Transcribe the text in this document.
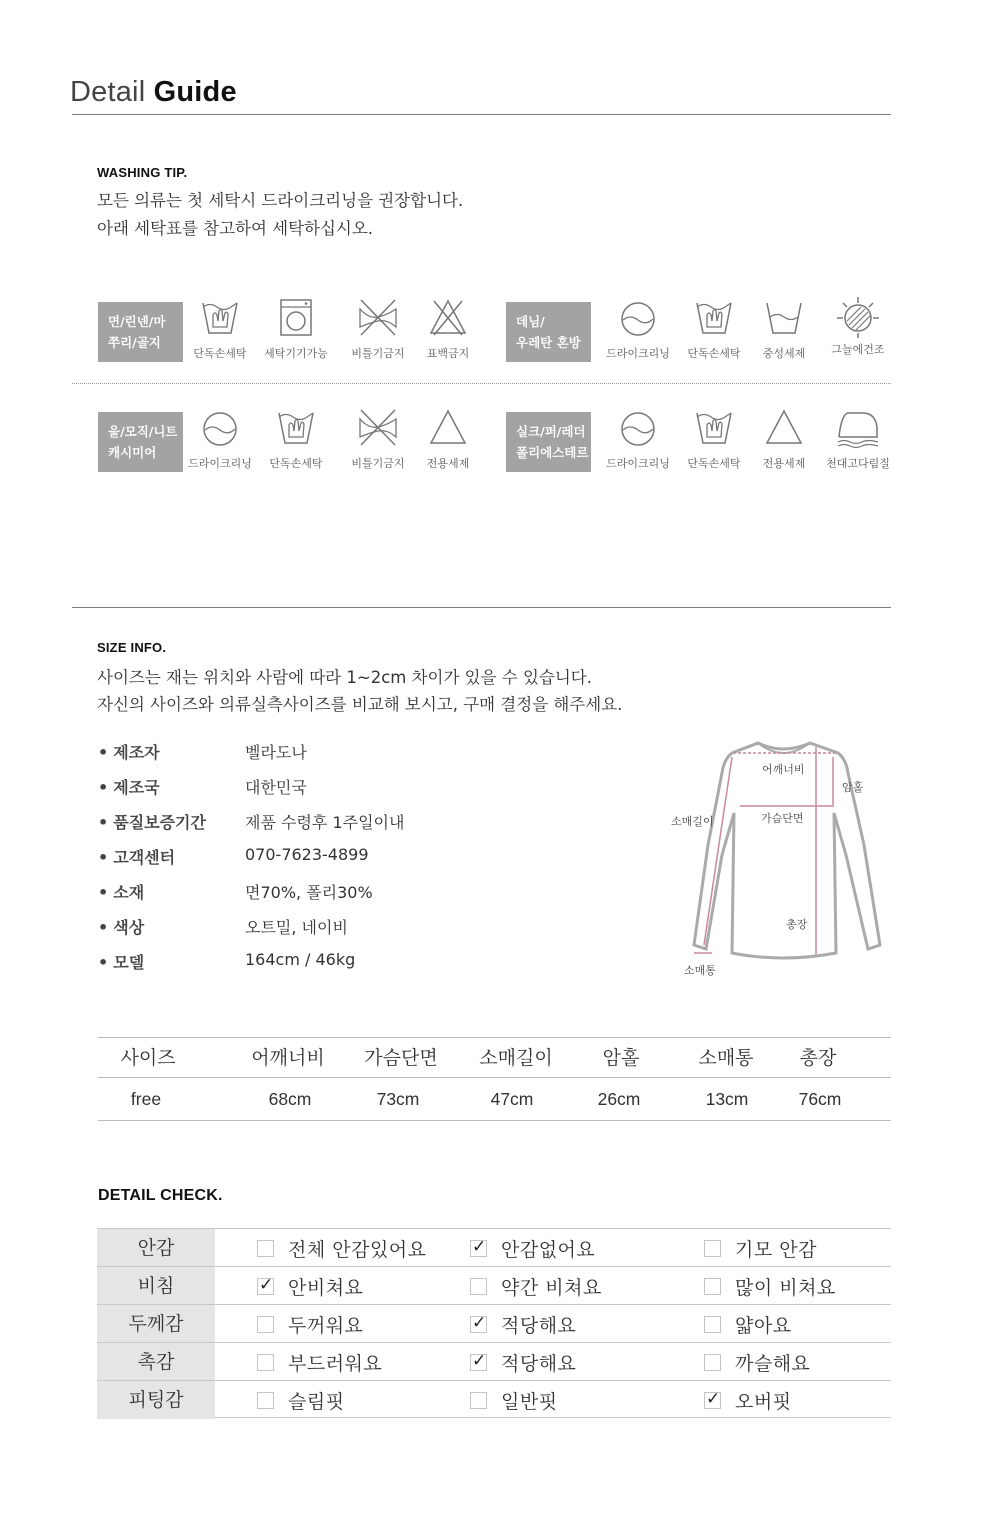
Detail Guide
WASHING TIP.
모든 의류는 첫 세탁시 드라이크리닝을 권장합니다.
아래 세탁표를 참고하여 세탁하십시오.
면/린넨/마
쭈리/골지
단독손세탁	세탁기기가능	비틀기금지	표백금지
데님/
우레탄 혼방
드라이크리닝	단독손세탁	중성세제	그늘에건조
울/모직/니트
캐시미어
드라이크리닝	단독손세탁	비틀기금지	전용세제
실크/퍼/레더
폴리에스테르
드라이크리닝	단독손세탁	전용세제	천대고다림질
SIZE INFO.
사이즈는 재는 위치와 사람에 따라 1~2cm 차이가 있을 수 있습니다.
자신의 사이즈와 의류실측사이즈를 비교해 보시고, 구매 결정을 해주세요.
• 제조자	벨라도나
• 제조국	대한민국
• 품질보증기간	제품 수령후 1주일이내
• 고객센터	070-7623-4899
• 소재	면70%, 폴리30%
• 색상	오트밀, 네이비
• 모델	164cm / 46kg
어깨너비
암홀
소매길이	가슴단면
총장
소매통
사이즈	어깨너비	가슴단면	소매길이	암홀	소매통	총장
free	68cm	73cm	47cm	26cm	13cm	76cm
DETAIL CHECK.
안감	전체 안감있어요	✓ 안감없어요	기모 안감
비침	✓ 안비쳐요	약간 비쳐요	많이 비쳐요
두께감	두꺼워요	✓ 적당해요	얇아요
촉감	부드러워요	✓ 적당해요	까슬해요
피팅감	슬림핏	일반핏	✓ 오버핏
